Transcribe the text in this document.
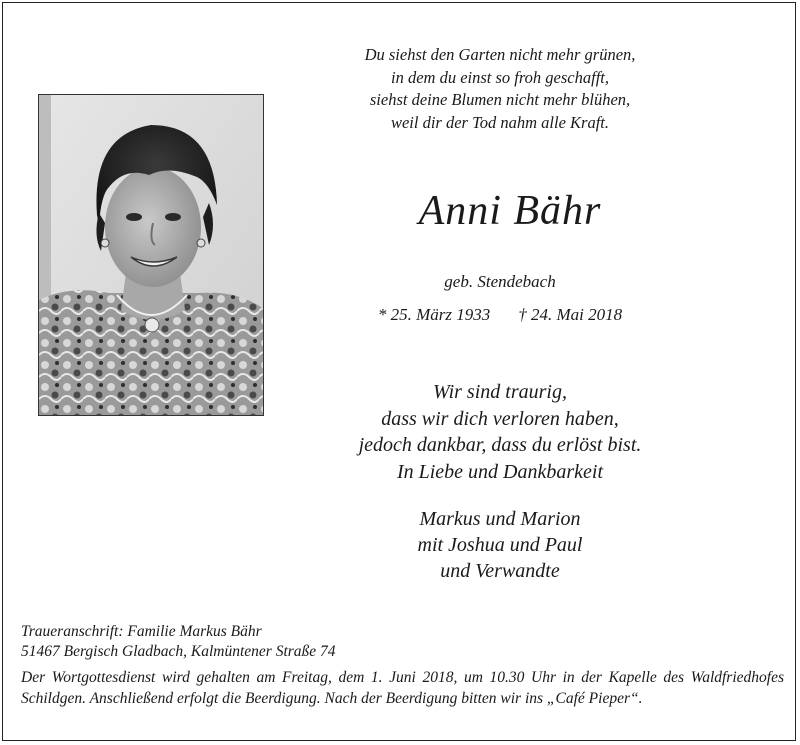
Du siehst den Garten nicht mehr grünen,
in dem du einst so froh geschafft,
siehst deine Blumen nicht mehr blühen,
weil dir der Tod nahm alle Kraft.
Anni Bähr
geb. Stendebach
* 25. März 1933 † 24. Mai 2018
Wir sind traurig,
dass wir dich verloren haben,
jedoch dankbar, dass du erlöst bist.
In Liebe und Dankbarkeit
Markus und Marion
mit Joshua und Paul
und Verwandte
Traueranschrift: Familie Markus Bähr
51467 Bergisch Gladbach, Kalmüntener Straße 74
Der Wortgottesdienst wird gehalten am Freitag, dem 1. Juni 2018, um 10.30 Uhr in der Kapelle des Waldfriedhofes Schildgen. Anschließend erfolgt die Beerdigung. Nach der Beerdigung bitten wir ins „Café Pieper“.
